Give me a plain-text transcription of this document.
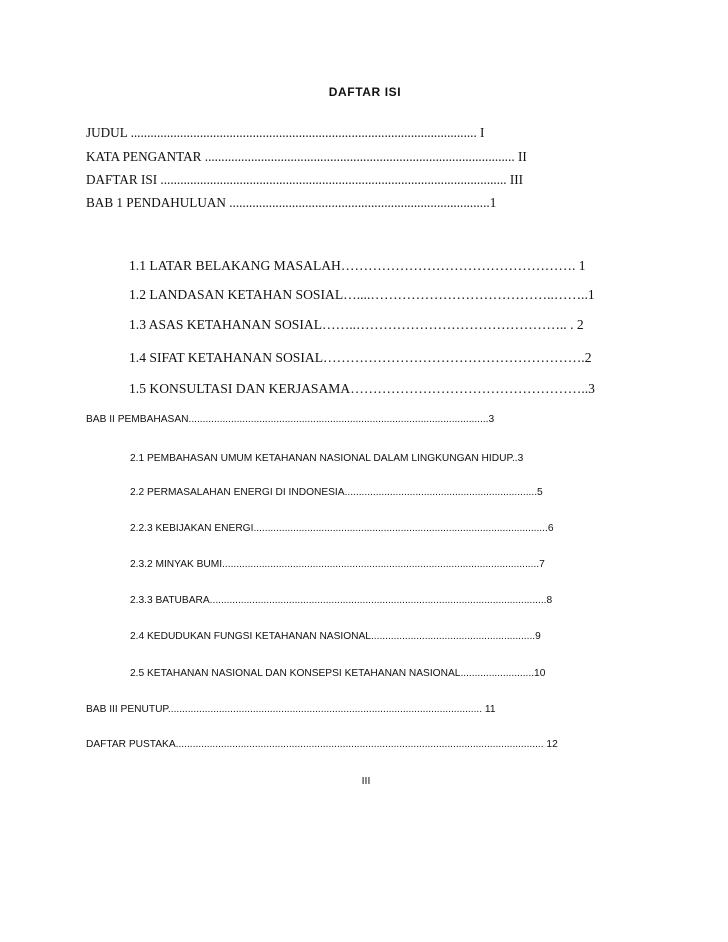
DAFTAR ISI
JUDUL ......................................................................................................... I
KATA PENGANTAR .............................................................................................. II
DAFTAR ISI ......................................................................................................... III
BAB 1 PENDAHULUAN ...............................................................................1
1.1 LATAR BELAKANG MASALAH……………………………………………. 1
1.2 LANDASAN KETAHAN SOSIAL…....…………………………………..……..1
1.3 ASAS KETAHANAN SOSIAL……..……………………………………….. . 2
1.4 SIFAT KETAHANAN SOSIAL………………………………………………….2
1.5 KONSULTASI DAN KERJASAMA……………………………………………..3
BAB II PEMBAHASAN..........................................................................................................3
2.1 PEMBAHASAN UMUM KETAHANAN NASIONAL DALAM LINGKUNGAN HIDUP..3
2.2 PERMASALAHAN ENERGI DI INDONESIA....................................................................5
2.2.3 KEBIJAKAN ENERGI........................................................................................................6
2.3.2 MINYAK BUMI................................................................................................................7
2.3.3 BATUBARA.......................................................................................................................8
2.4 KEDUDUKAN FUNGSI KETAHANAN NASIONAL..........................................................9
2.5 KETAHANAN NASIONAL DAN KONSEPSI KETAHANAN NASIONAL..........................10
BAB III PENUTUP............................................................................................................... 11
DAFTAR PUSTAKA.................................................................................................................................. 12
III
